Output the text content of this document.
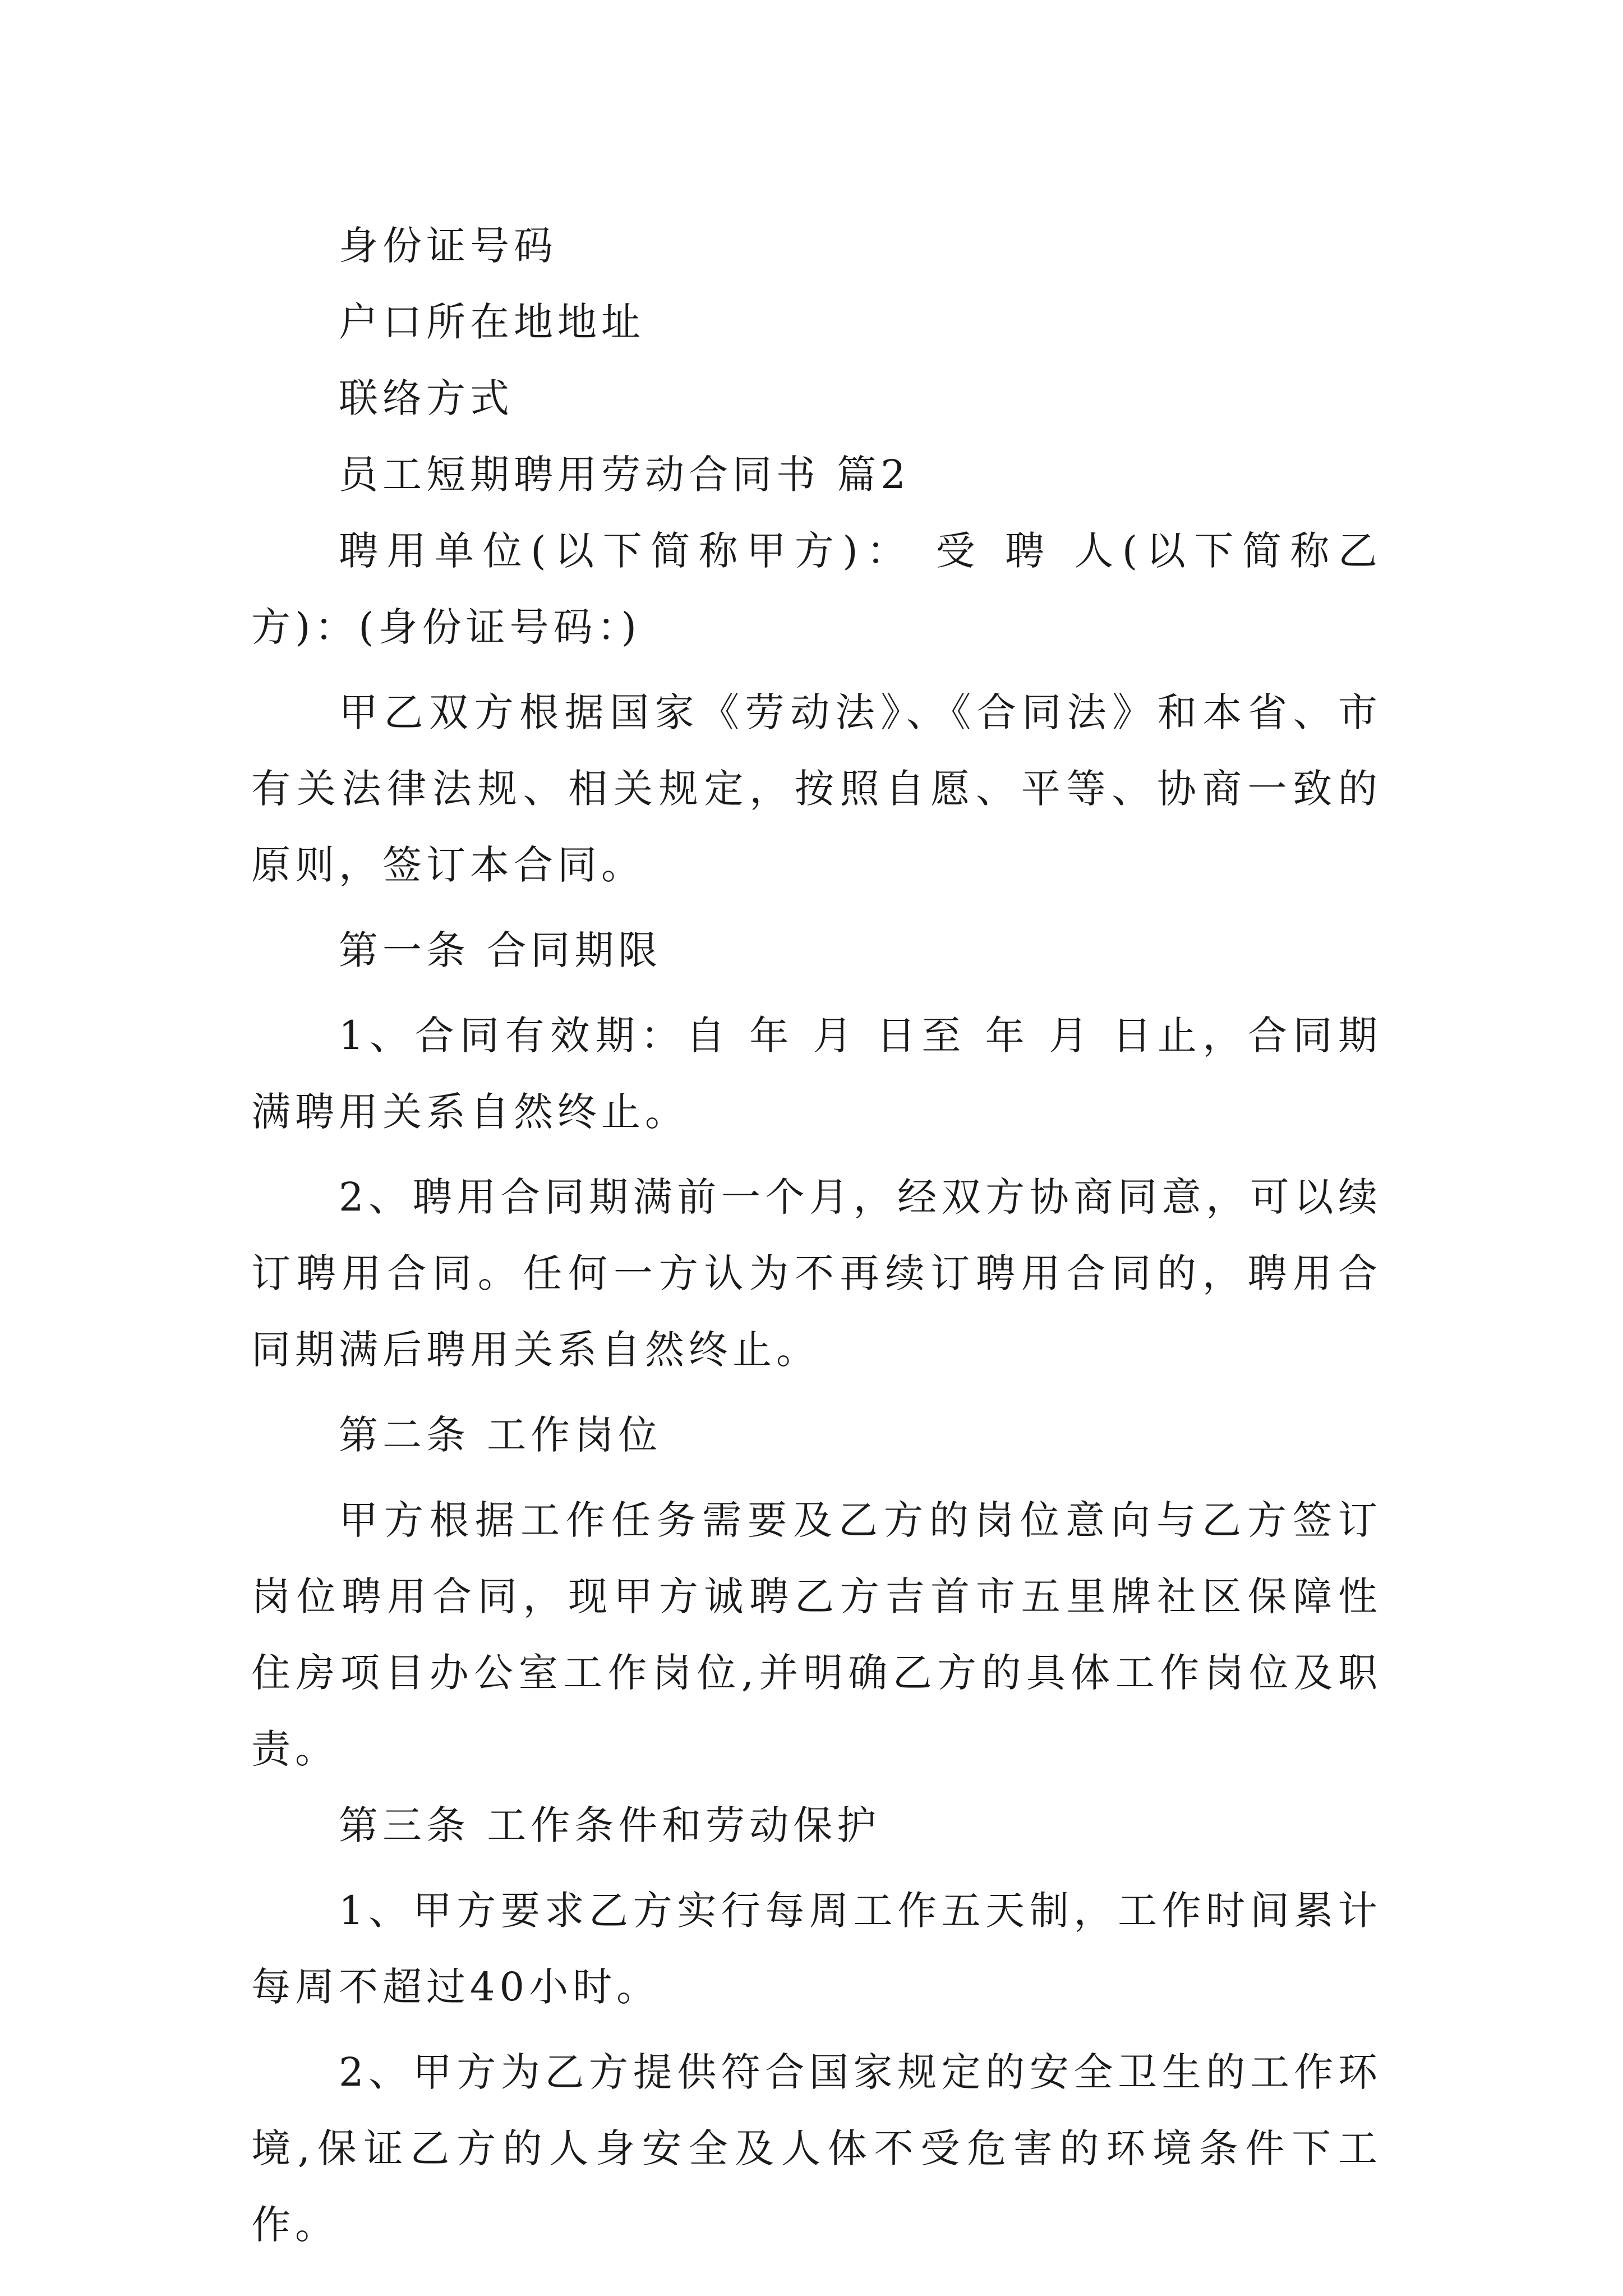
身份证号码

户口所在地地址

联络方式

员工短期聘用劳动合同书 篇2

聘用单位(以下简称甲方)： 受 聘 人(以下简称乙方)：(身份证号码：)

甲乙双方根据国家《劳动法》、《合同法》和本省、市有关法律法规、相关规定，按照自愿、平等、协商一致的原则，签订本合同。

第一条 合同期限

1、合同有效期：自 年 月 日至 年 月 日止，合同期满聘用关系自然终止。

2、聘用合同期满前一个月，经双方协商同意，可以续订聘用合同。任何一方认为不再续订聘用合同的，聘用合同期满后聘用关系自然终止。

第二条 工作岗位

甲方根据工作任务需要及乙方的岗位意向与乙方签订岗位聘用合同，现甲方诚聘乙方吉首市五里牌社区保障性住房项目办公室工作岗位,并明确乙方的具体工作岗位及职责。

第三条 工作条件和劳动保护

1、甲方要求乙方实行每周工作五天制，工作时间累计每周不超过40小时。

2、甲方为乙方提供符合国家规定的安全卫生的工作环境,保证乙方的人身安全及人体不受危害的环境条件下工作。
